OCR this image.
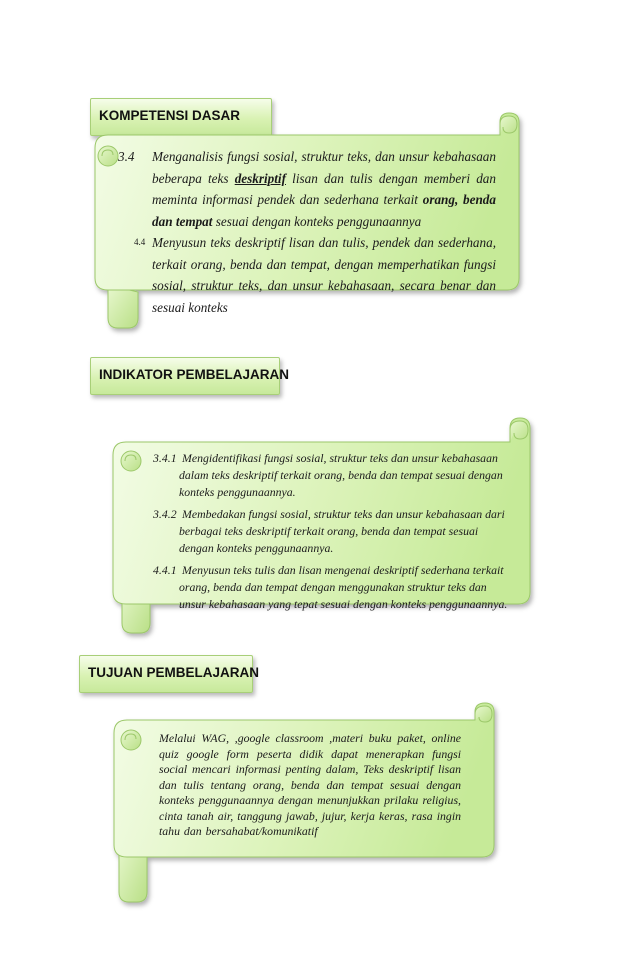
KOMPETENSI DASAR
3.4 Menganalisis fungsi sosial, struktur teks, dan unsur kebahasaan beberapa teks deskriptif lisan dan tulis dengan memberi dan meminta informasi pendek dan sederhana terkait orang, benda dan tempat sesuai dengan konteks penggunaannya
4.4 Menyusun teks deskriptif lisan dan tulis, pendek dan sederhana, terkait orang, benda dan tempat, dengan memperhatikan fungsi sosial, struktur teks, dan unsur kebahasaan, secara benar dan sesuai konteks
INDIKATOR PEMBELAJARAN
3.4.1 Mengidentifikasi fungsi sosial, struktur teks dan unsur kebahasaan dalam teks deskriptif terkait orang, benda dan tempat sesuai dengan konteks penggunaannya.
3.4.2 Membedakan fungsi sosial, struktur teks dan unsur kebahasaan dari berbagai teks deskriptif terkait orang, benda dan tempat sesuai dengan konteks penggunaannya.
4.4.1 Menyusun teks tulis dan lisan mengenai deskriptif sederhana terkait orang, benda dan tempat dengan menggunakan struktur teks dan unsur kebahasaan yang tepat sesuai dengan konteks penggunaannya.
TUJUAN PEMBELAJARAN
Melalui WAG, ,google classroom ,materi buku paket, online quiz google form peserta didik dapat menerapkan fungsi social mencari informasi penting dalam, Teks deskriptif lisan dan tulis tentang orang, benda dan tempat sesuai dengan konteks penggunaannya dengan menunjukkan prilaku religius, cinta tanah air, tanggung jawab, jujur, kerja keras, rasa ingin tahu dan bersahabat/komunikatif
